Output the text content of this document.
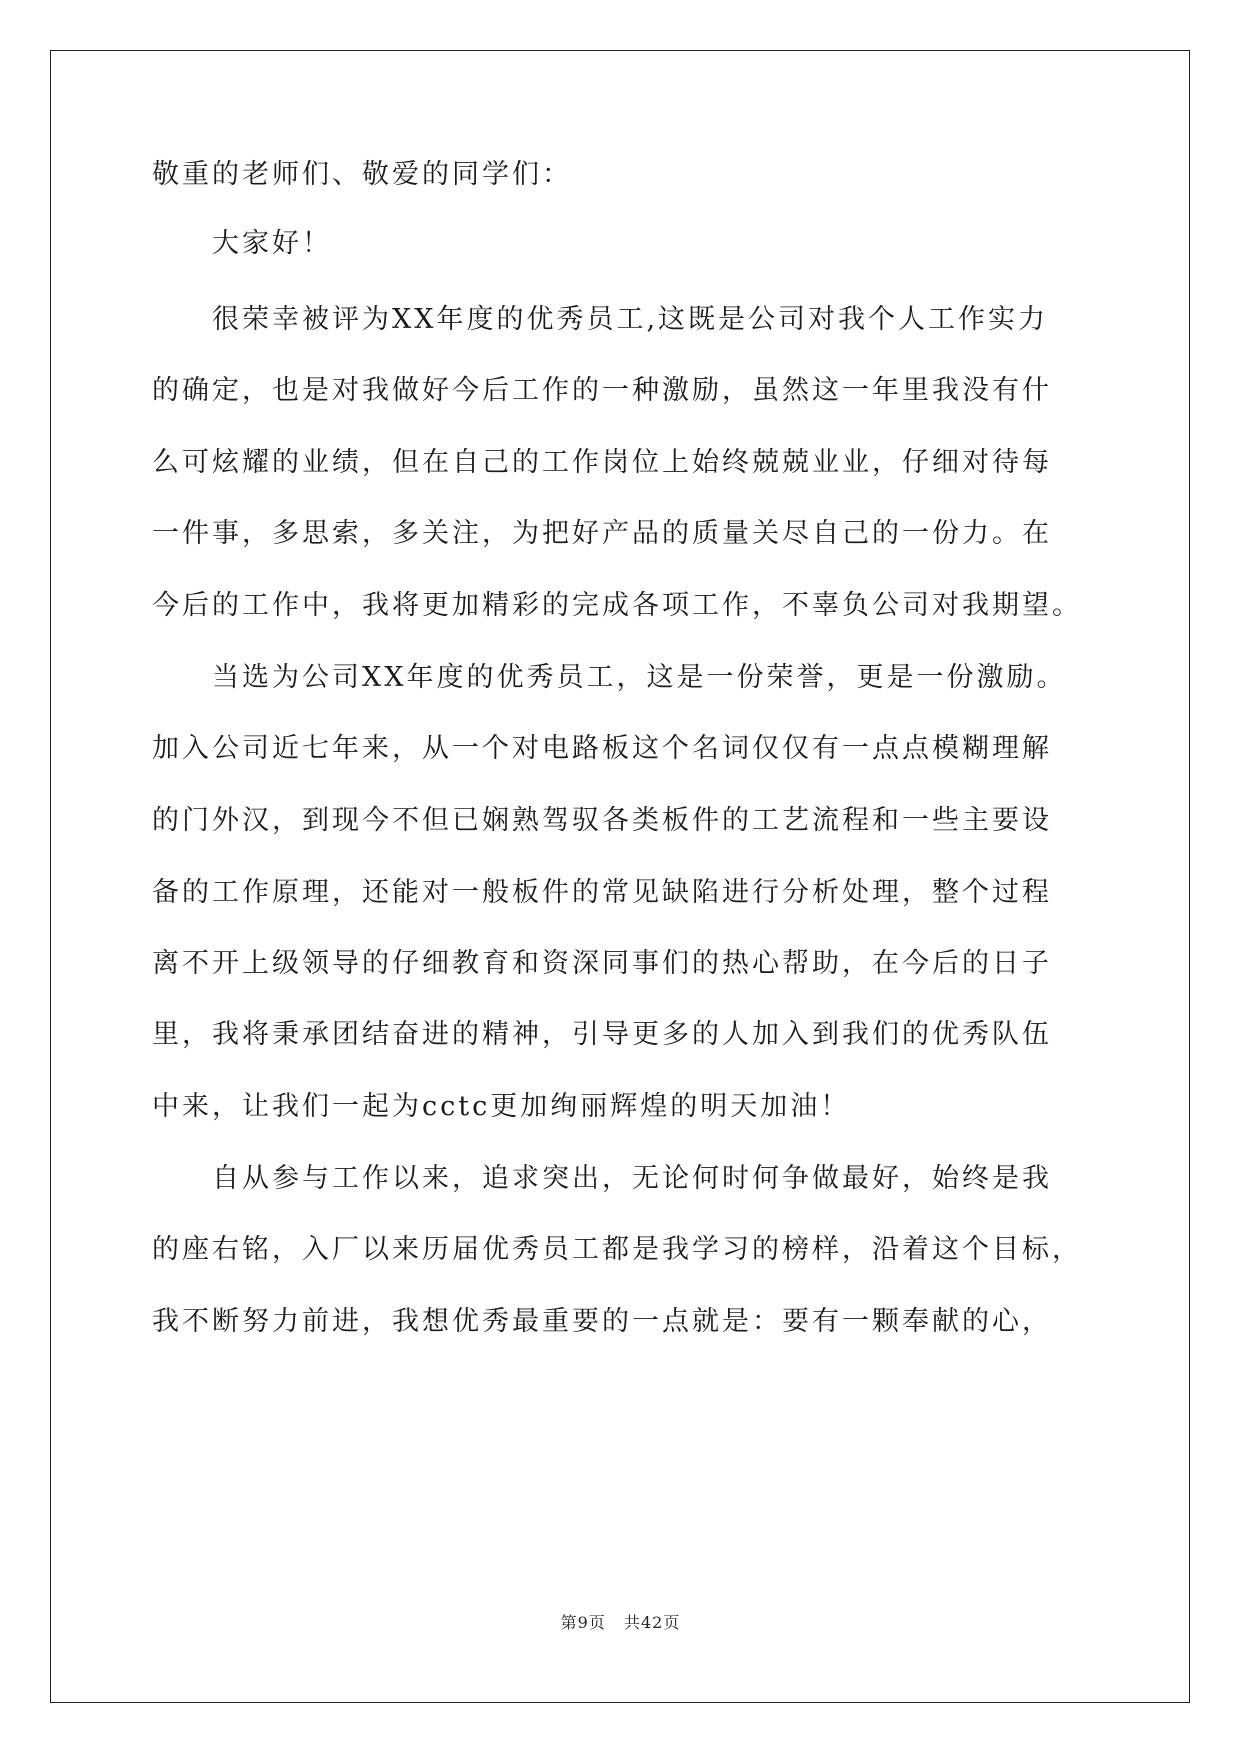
敬重的老师们、敬爱的同学们：
大家好！
很荣幸被评为XX年度的优秀员工,这既是公司对我个人工作实力
的确定，也是对我做好今后工作的一种激励，虽然这一年里我没有什
么可炫耀的业绩，但在自己的工作岗位上始终兢兢业业，仔细对待每
一件事，多思索，多关注，为把好产品的质量关尽自己的一份力。在
今后的工作中，我将更加精彩的完成各项工作，不辜负公司对我期望。
当选为公司XX年度的优秀员工，这是一份荣誉，更是一份激励。
加入公司近七年来，从一个对电路板这个名词仅仅有一点点模糊理解
的门外汉，到现今不但已娴熟驾驭各类板件的工艺流程和一些主要设
备的工作原理，还能对一般板件的常见缺陷进行分析处理，整个过程
离不开上级领导的仔细教育和资深同事们的热心帮助，在今后的日子
里，我将秉承团结奋进的精神，引导更多的人加入到我们的优秀队伍
中来，让我们一起为cctc更加绚丽辉煌的明天加油！
自从参与工作以来，追求突出，无论何时何争做最好，始终是我
的座右铭，入厂以来历届优秀员工都是我学习的榜样，沿着这个目标，
我不断努力前进，我想优秀最重要的一点就是：要有一颗奉献的心，
第9页 共42页
